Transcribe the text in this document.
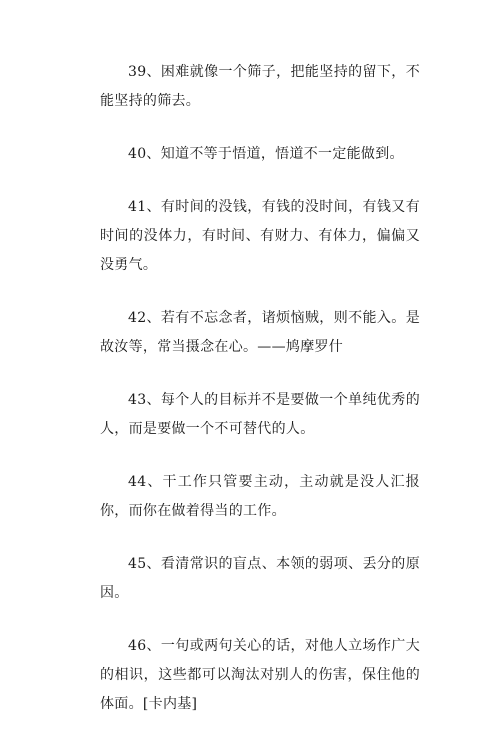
39、困难就像一个筛子，把能坚持的留下，不能坚持的筛去。
40、知道不等于悟道，悟道不一定能做到。
41、有时间的没钱，有钱的没时间，有钱又有时间的没体力，有时间、有财力、有体力，偏偏又没勇气。
42、若有不忘念者，诸烦恼贼，则不能入。是故汝等，常当摄念在心。——鸠摩罗什
43、每个人的目标并不是要做一个单纯优秀的人，而是要做一个不可替代的人。
44、干工作只管要主动，主动就是没人汇报你，而你在做着得当的工作。
45、看清常识的盲点、本领的弱项、丢分的原因。
46、一句或两句关心的话，对他人立场作广大的相识，这些都可以淘汰对别人的伤害，保住他的体面。[卡内基]
